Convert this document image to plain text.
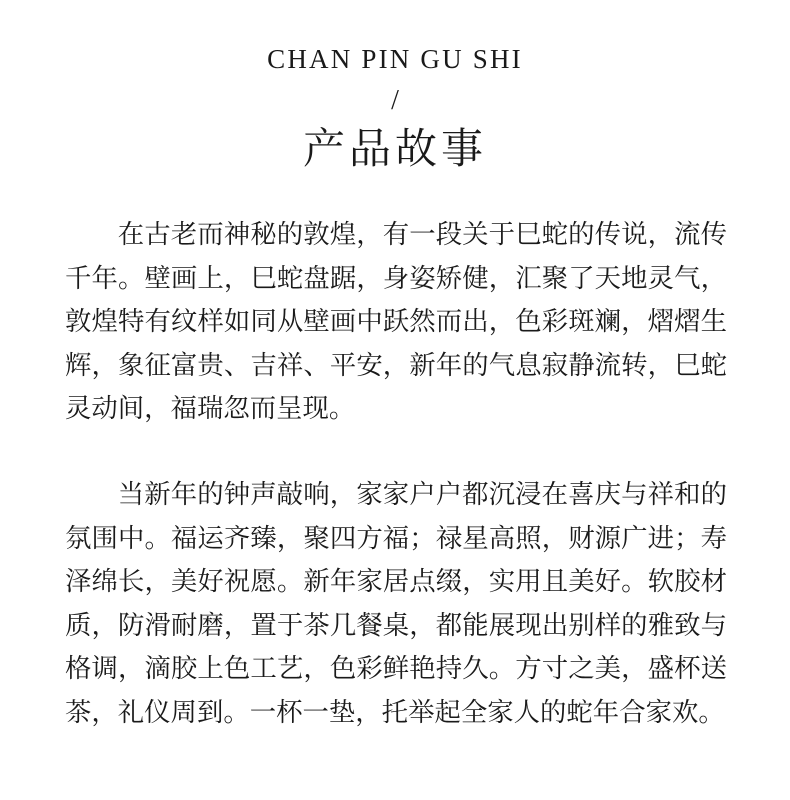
CHAN PIN GU SHI
/
产品故事

在古老而神秘的敦煌，有一段关于巳蛇的传说，流传千年。壁画上，巳蛇盘踞，身姿矫健，汇聚了天地灵气，敦煌特有纹样如同从壁画中跃然而出，色彩斑斓，熠熠生辉，象征富贵、吉祥、平安，新年的气息寂静流转，巳蛇灵动间，福瑞忽而呈现。

当新年的钟声敲响，家家户户都沉浸在喜庆与祥和的氛围中。福运齐臻，聚四方福；禄星高照，财源广进；寿泽绵长，美好祝愿。新年家居点缀，实用且美好。软胶材质，防滑耐磨，置于茶几餐桌，都能展现出别样的雅致与格调，滴胶上色工艺，色彩鲜艳持久。方寸之美，盛杯送茶，礼仪周到。一杯一垫，托举起全家人的蛇年合家欢。
